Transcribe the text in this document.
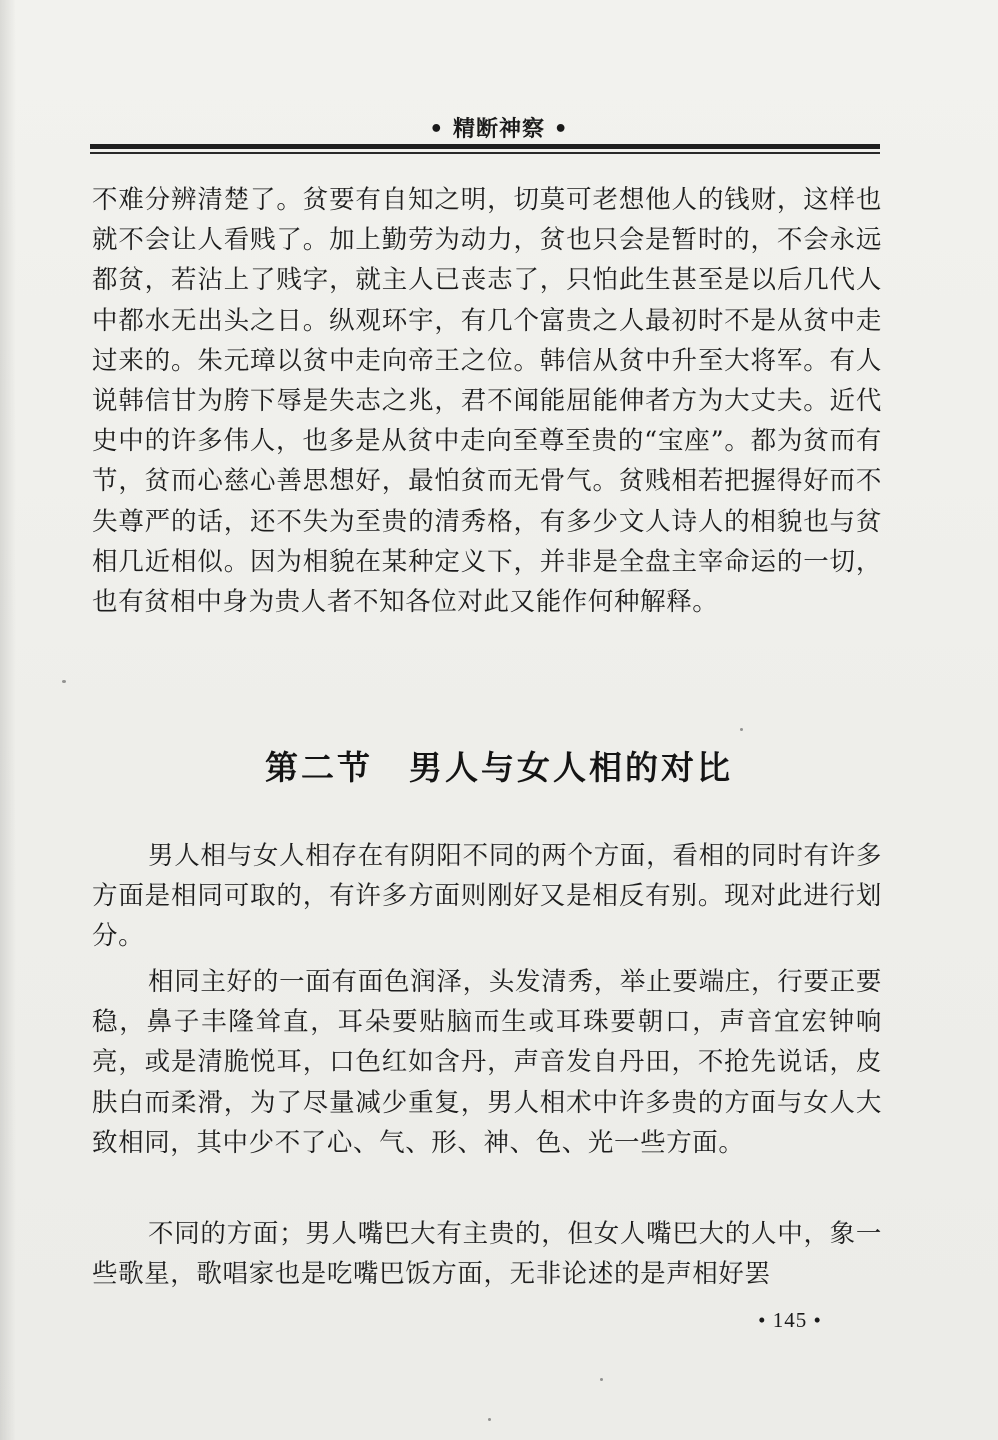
• 精断神察 •

不难分辨清楚了。贫要有自知之明，切莫可老想他人的钱财，这样也就不会让人看贱了。加上勤劳为动力，贫也只会是暂时的，不会永远都贫，若沾上了贱字，就主人已丧志了，只怕此生甚至是以后几代人中都水无出头之日。纵观环宇，有几个富贵之人最初时不是从贫中走过来的。朱元璋以贫中走向帝王之位。韩信从贫中升至大将军。有人说韩信甘为胯下辱是失志之兆，君不闻能屈能伸者方为大丈夫。近代史中的许多伟人，也多是从贫中走向至尊至贵的“宝座”。都为贫而有节，贫而心慈心善思想好，最怕贫而无骨气。贫贱相若把握得好而不失尊严的话，还不失为至贵的清秀格，有多少文人诗人的相貌也与贫相几近相似。因为相貌在某种定义下，并非是全盘主宰命运的一切，也有贫相中身为贵人者不知各位对此又能作何种解释。

第二节　男人与女人相的对比

男人相与女人相存在有阴阳不同的两个方面，看相的同时有许多方面是相同可取的，有许多方面则刚好又是相反有别。现对此进行划分。

相同主好的一面有面色润泽，头发清秀，举止要端庄，行要正要稳，鼻子丰隆耸直，耳朵要贴脑而生或耳珠要朝口，声音宜宏钟响亮，或是清脆悦耳，口色红如含丹，声音发自丹田，不抢先说话，皮肤白而柔滑，为了尽量减少重复，男人相术中许多贵的方面与女人大致相同，其中少不了心、气、形、神、色、光一些方面。

不同的方面；男人嘴巴大有主贵的，但女人嘴巴大的人中，象一些歌星，歌唱家也是吃嘴巴饭方面，无非论述的是声相好罢

• 145 •
